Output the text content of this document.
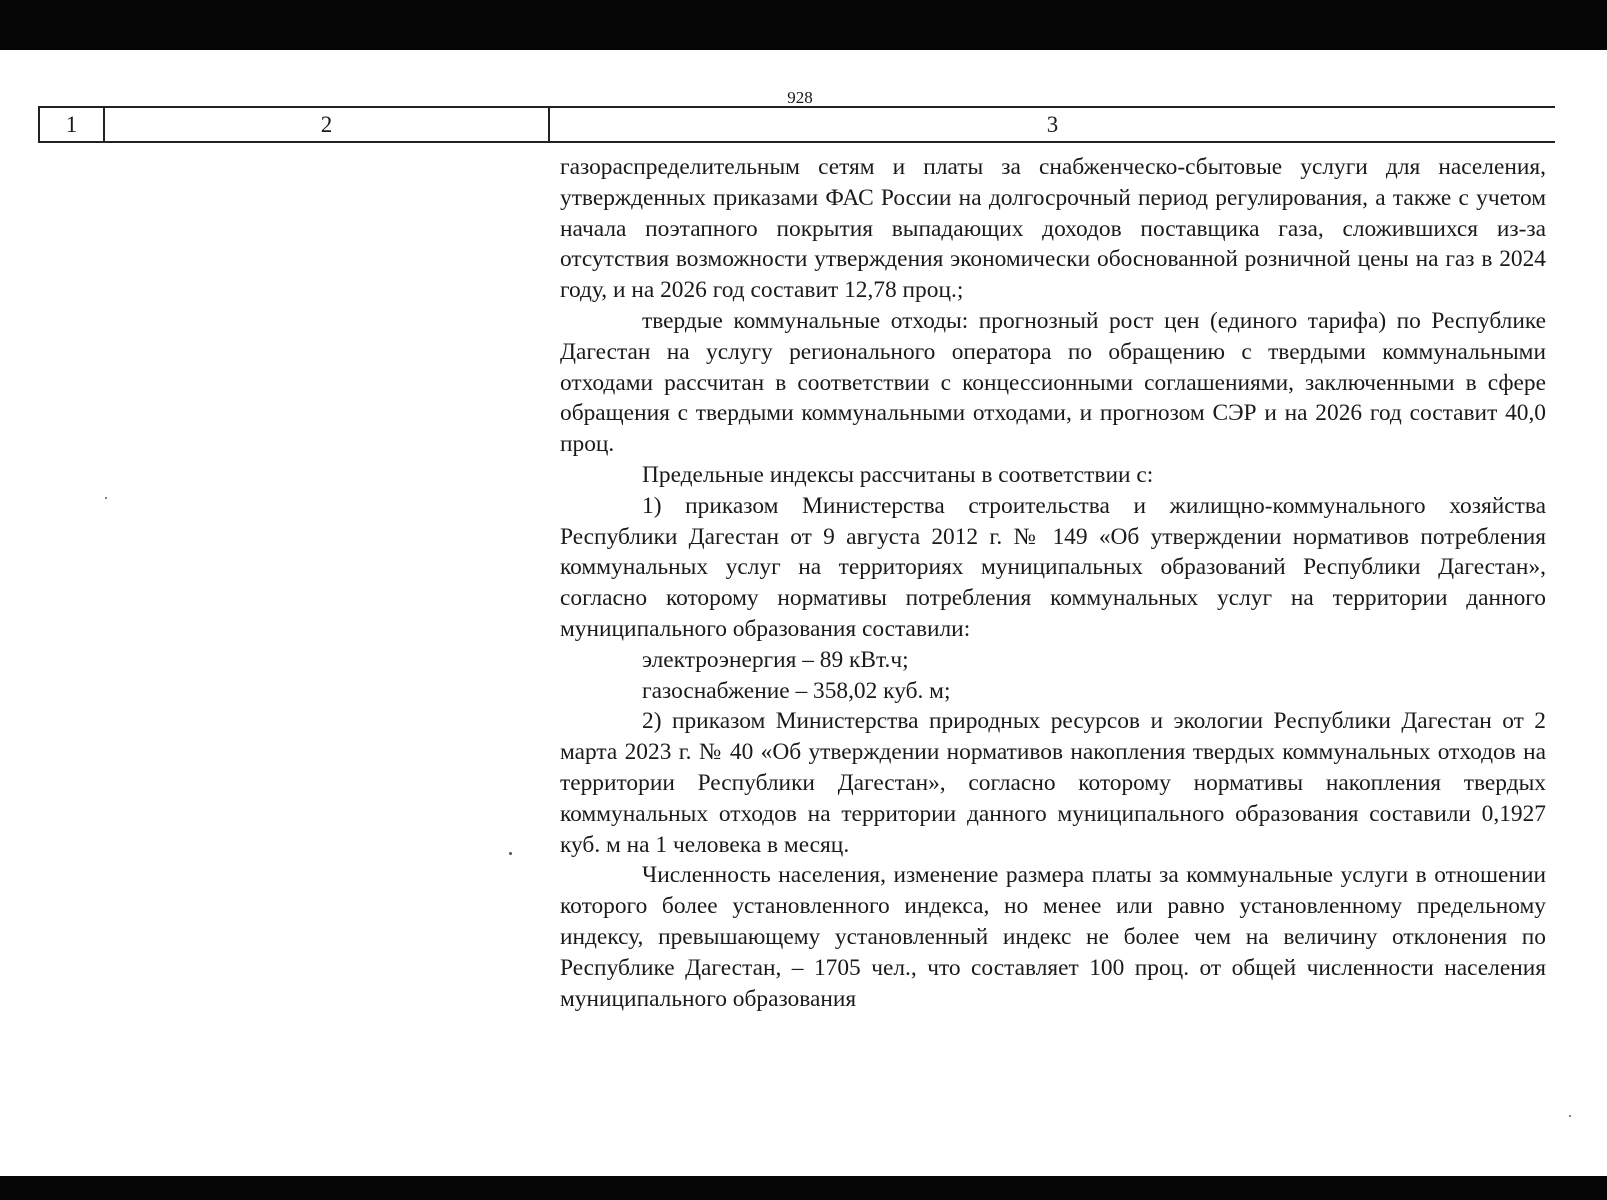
928
1	2	3

газораспределительным сетям и платы за снабженческо-сбытовые услуги для населения, утвержденных приказами ФАС России на долгосрочный период регулирования, а также с учетом начала поэтапного покрытия выпадающих доходов поставщика газа, сложившихся из-за отсутствия возможности утверждения экономически обоснованной розничной цены на газ в 2024 году, и на 2026 год составит 12,78 проц.;

твердые коммунальные отходы: прогнозный рост цен (единого тарифа) по Республике Дагестан на услугу регионального оператора по обращению с твердыми коммунальными отходами рассчитан в соответствии с концессионными соглашениями, заключенными в сфере обращения с твердыми коммунальными отходами, и прогнозом СЭР и на 2026 год составит 40,0 проц.

Предельные индексы рассчитаны в соответствии с:

1) приказом Министерства строительства и жилищно-коммунального хозяйства Республики Дагестан от 9 августа 2012 г. № 149 «Об утверждении нормативов потребления коммунальных услуг на территориях муниципальных образований Республики Дагестан», согласно которому нормативы потребления коммунальных услуг на территории данного муниципального образования составили:

электроэнергия – 89 кВт.ч;

газоснабжение – 358,02 куб. м;

2) приказом Министерства природных ресурсов и экологии Республики Дагестан от 2 марта 2023 г. № 40 «Об утверждении нормативов накопления твердых коммунальных отходов на территории Республики Дагестан», согласно которому нормативы накопления твердых коммунальных отходов на территории данного муниципального образования составили 0,1927 куб. м на 1 человека в месяц.

Численность населения, изменение размера платы за коммунальные услуги в отношении которого более установленного индекса, но менее или равно установленному предельному индексу, превышающему установленный индекс не более чем на величину отклонения по Республике Дагестан, – 1705 чел., что составляет 100 проц. от общей численности населения муниципального образования
